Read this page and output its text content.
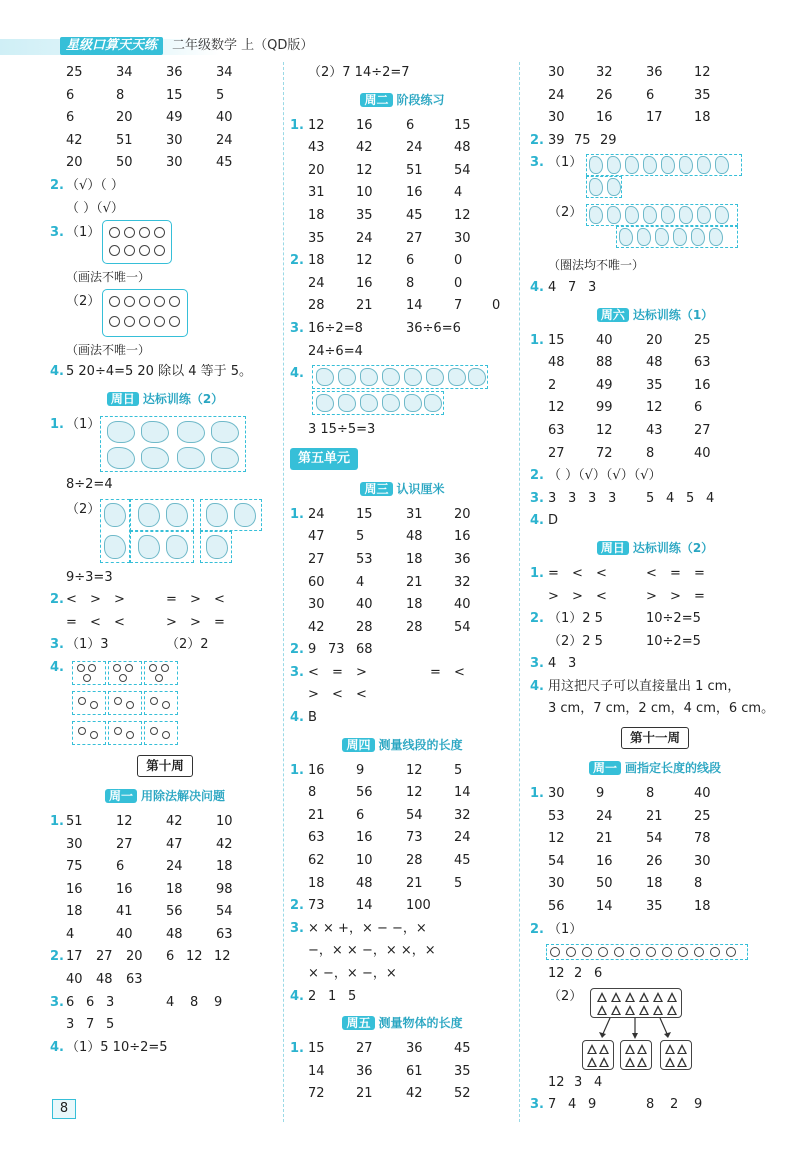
星级口算天天练	二年级数学 上（QD版）
25	34	36	34
6	8	15	5
6	20	49	40
42	51	30	24
20	50	30	45
2. （√）（ ）
（ ）（√）
3. （1）
（画法不唯一）
（2）
（画法不唯一）
4. 5 20÷4=5 20 除以 4 等于 5。
周日 达标训练（2）
1. （1）
8÷2=4
（2）
9÷3=3
2. < > >	= > <
= < <	> > =
3. （1）3	（2）2
4.
第十周
周一 用除法解决问题
1. 51	12	42	10
30	27	47	42
75	6	24	18
16	16	18	98
18	41	56	54
4	40	48	63
2. 17 27 20 6 12 12
40 48 63
3. 6 6 3	4 8 9
3 7 5
4. （1）5 10÷2=5
（2）7 14÷2=7
周二 阶段练习
1. 12 16	6	15
43 42	24 48
20 12	51 54
31 10	16 4
18 35	45 12
35 24	27 30
2. 18 12	6	0
24 16	8	0
28 21	14 7 0
3. 16÷2=8	36÷6=6
24÷6=4
4.
3 15÷5=3
第五单元
周三 认识厘米
1. 24 15	31 20
47 5	48 16
27 53	18 36
60 4	21 32
30 40	18 40
42 28	28 54
2. 9 73 68
3. < = >	= <
> < <
4. B
周四 测量线段的长度
1. 16 9	12 5
8	56	12 14
21 6	54 32
63 16	73 24
62 10	28 45
18 48	21 5
2. 73 14	100
3. × × +，× − −，×
−，× × −，× ×，×
× −，× −，×
4. 2 1 5
周五 测量物体的长度
1. 15 27	36 45
14 36	61 35
72 21	42 52
30 32	36 12
24 26	6	35
30 16	17 18
2. 39 75 29
3. （1）
（2）
（圈法均不唯一）
4. 4 7 3
周六 达标训练（1）
1. 15 40	20 25
48 88	48 63
2	49	35 16
12 99	12 6
63 12	43 27
27 72	8	40
2. （ ）（√）（√）（√）
3. 3 3 3 3 5 4 5 4
4. D
周日 达标训练（2）
1. = < <	< = =
> > <	> > =
2. （1）2 5	10÷2=5
（2）2 5	10÷2=5
3. 4 3
4. 用这把尺子可以直接量出 1 cm，
3 cm，7 cm，2 cm，4 cm，6 cm。
第十一周
周一 画指定长度的线段
1. 30 9	8	40
53 24	21 25
12 21	54 78
54 16	26 30
30 50	18 8
56 14	35 18
2. （1）
12 2 6
（2）
12 3 4
3. 7 4 9	8 2 9
8
